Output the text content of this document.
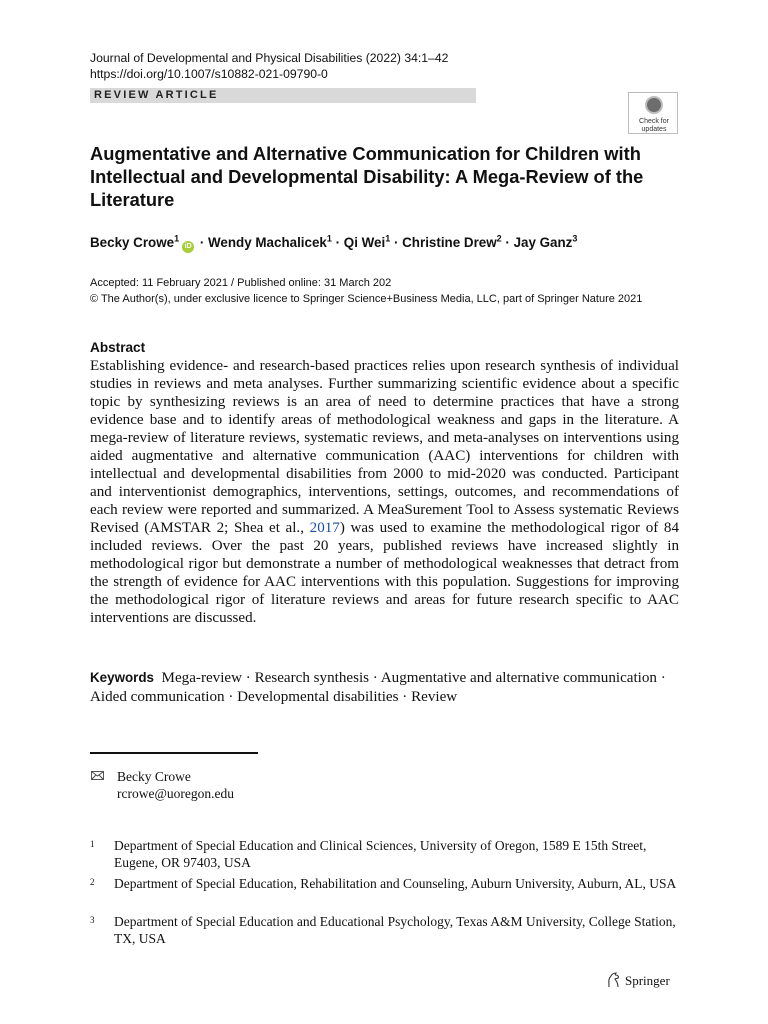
Journal of Developmental and Physical Disabilities (2022) 34:1–42
https://doi.org/10.1007/s10882-021-09790-0
REVIEW ARTICLE
Check for updates
Augmentative and Alternative Communication for Children with Intellectual and Developmental Disability: A Mega-Review of the Literature
Becky Crowe$^1$iD · Wendy Machalicek$^1$ · Qi Wei$^1$ · Christine Drew$^2$ · Jay Ganz$^3$
Accepted: 11 February 2021 / Published online: 31 March 202
© The Author(s), under exclusive licence to Springer Science+Business Media, LLC, part of Springer Nature 2021
Abstract
Establishing evidence- and research-based practices relies upon research synthesis of individual studies in reviews and meta analyses. Further summarizing scientific evidence about a specific topic by synthesizing reviews is an area of need to determine practices that have a strong evidence base and to identify areas of methodological weakness and gaps in the literature. A mega-review of literature reviews, systematic reviews, and meta-analyses on interventions using aided augmentative and alternative communication (AAC) interventions for children with intellectual and developmental disabilities from 2000 to mid-2020 was conducted. Participant and interventionist demographics, interventions, settings, outcomes, and recommendations of each review were reported and summarized. A MeaSurement Tool to Assess systematic Reviews Revised (AMSTAR 2; Shea et al., 2017) was used to examine the methodological rigor of 84 included reviews. Over the past 20 years, published reviews have increased slightly in methodological rigor but demonstrate a number of methodological weaknesses that detract from the strength of evidence for AAC interventions with this population. Suggestions for improving the methodological rigor of literature reviews and areas for future research specific to AAC interventions are discussed.
Keywords Mega-review · Research synthesis · Augmentative and alternative communication · Aided communication · Developmental disabilities · Review
Becky Crowe
rcrowe@uoregon.edu
1 Department of Special Education and Clinical Sciences, University of Oregon, 1589 E 15th Street, Eugene, OR 97403, USA
2 Department of Special Education, Rehabilitation and Counseling, Auburn University, Auburn, AL, USA
3 Department of Special Education and Educational Psychology, Texas A&M University, College Station, TX, USA
Springer
